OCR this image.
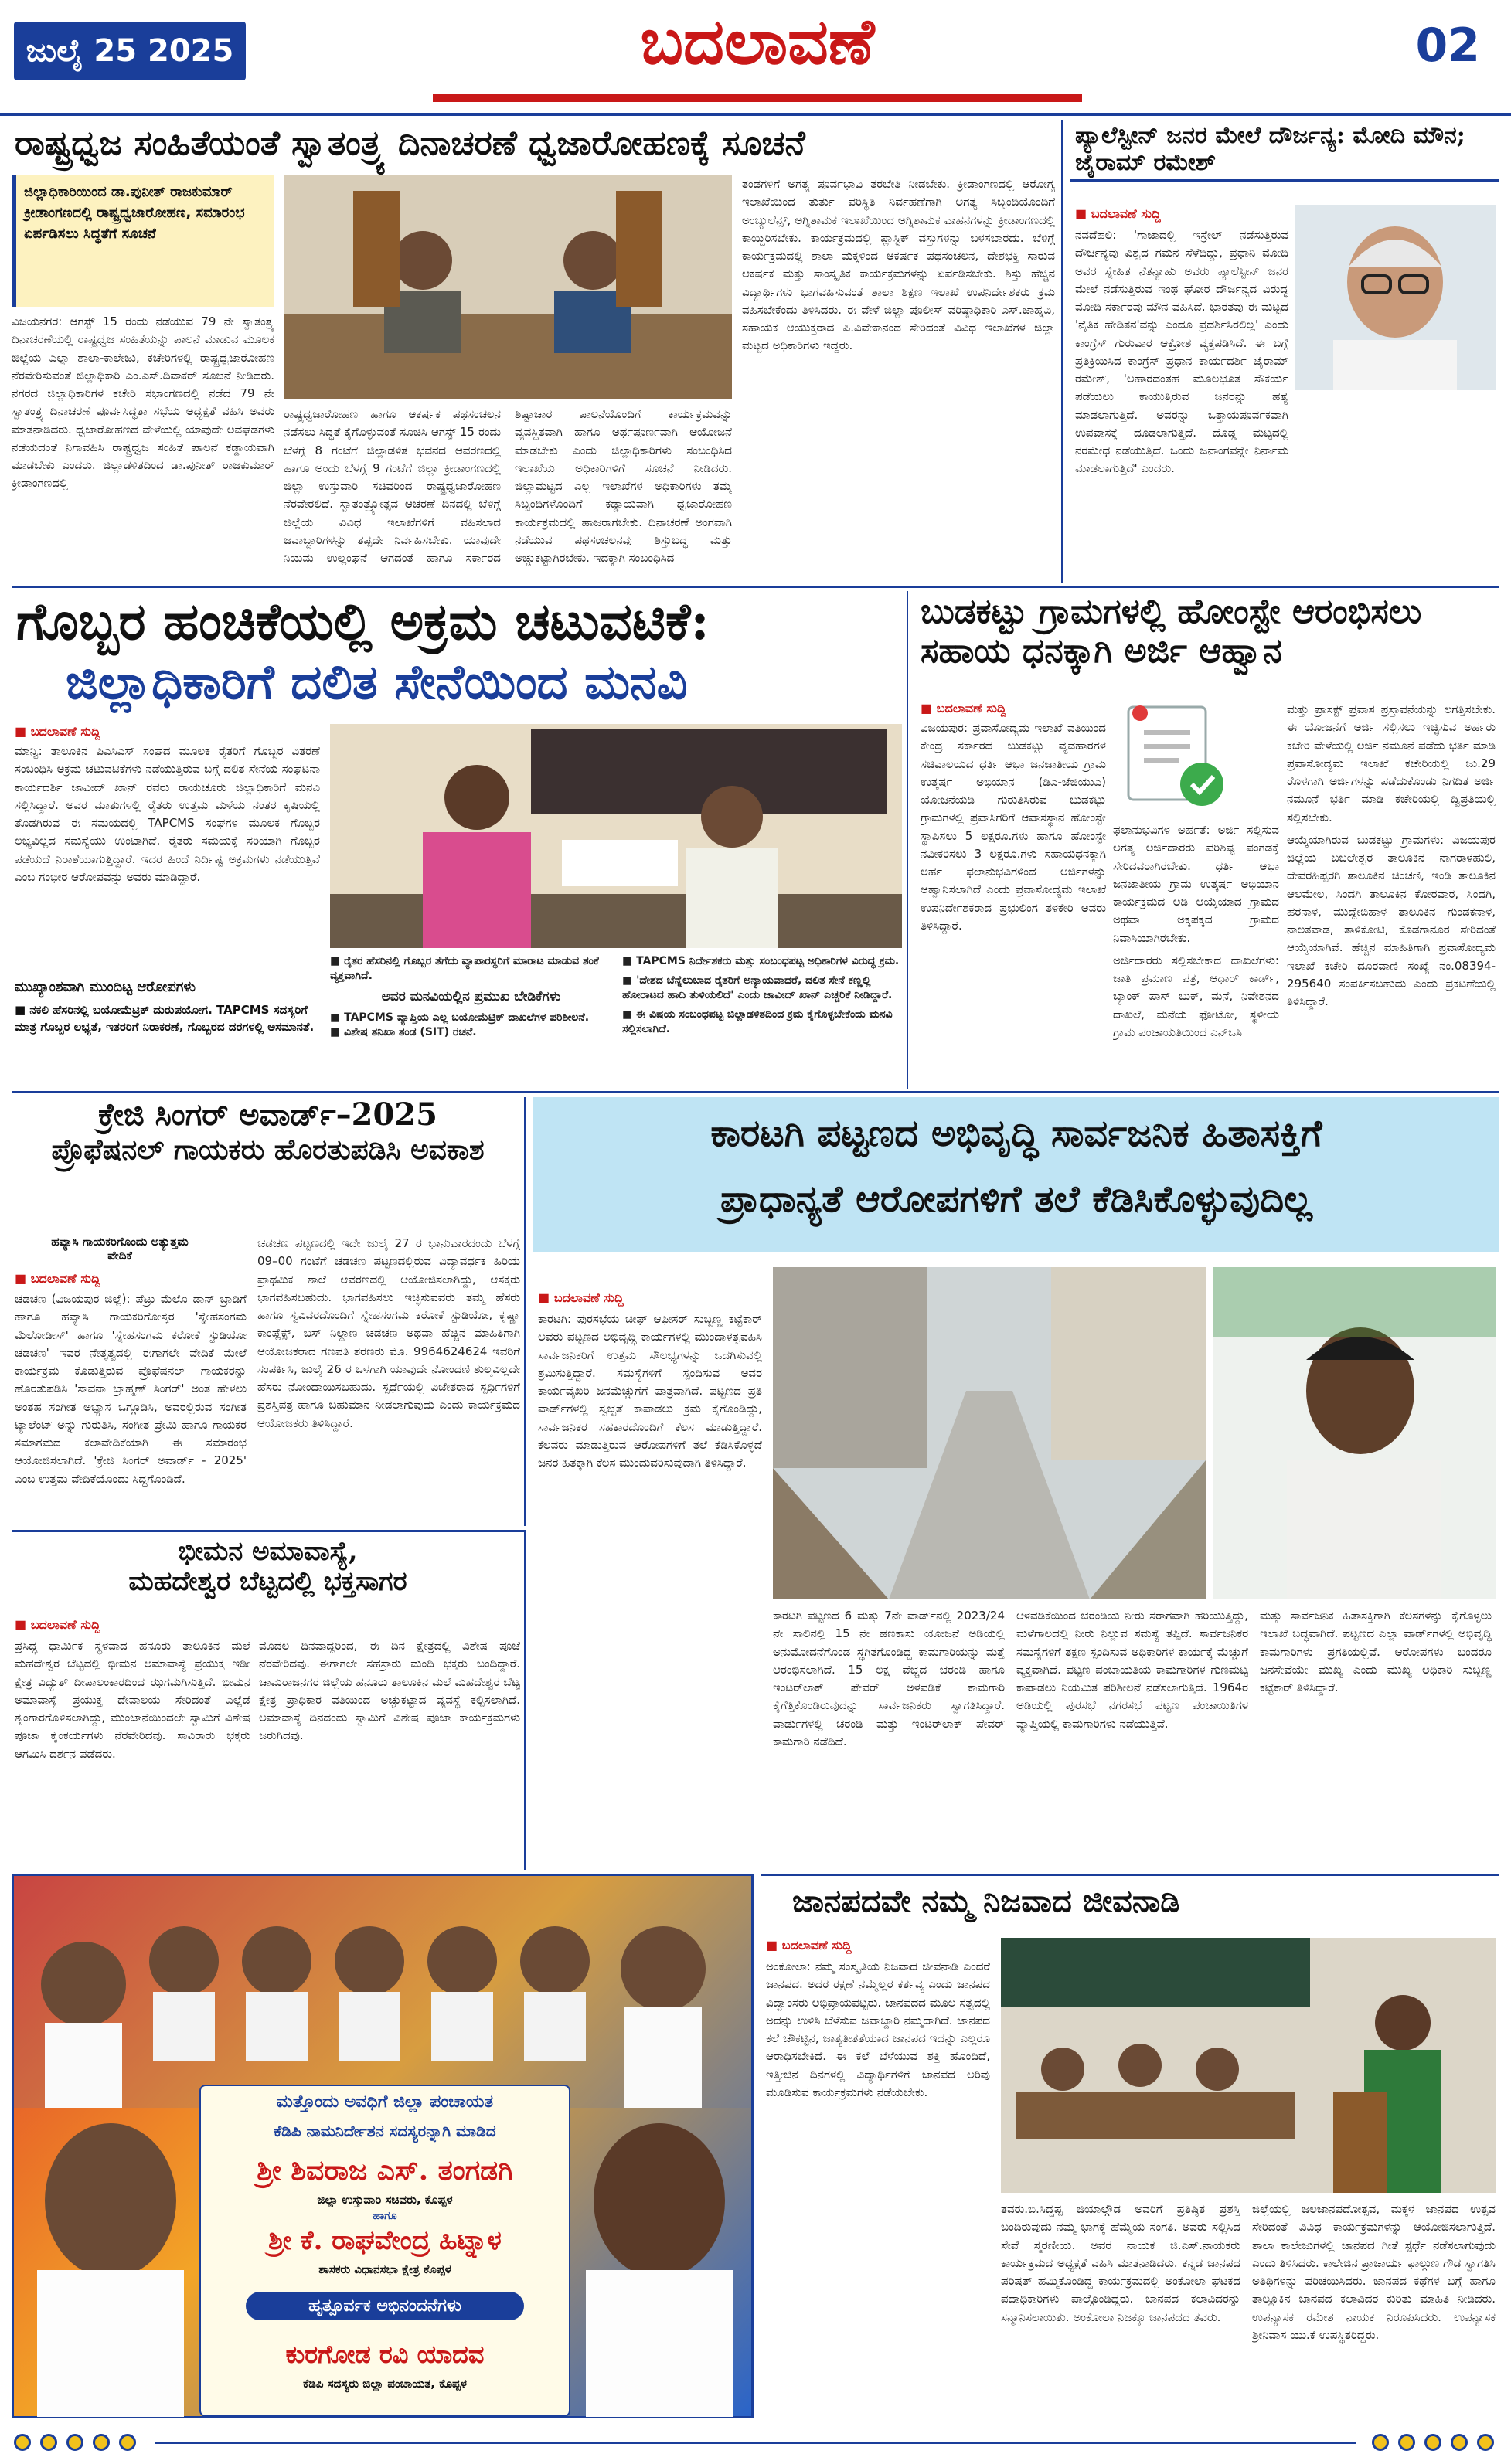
ಜುಲೈ 25 2025	ಬದಲಾವಣೆ	02
ರಾಷ್ಟ್ರಧ್ವಜ ಸಂಹಿತೆಯಂತೆ ಸ್ವಾತಂತ್ರ್ಯ ದಿನಾಚರಣೆ ಧ್ವಜಾರೋಹಣಕ್ಕೆ ಸೂಚನೆ
ಜಿಲ್ಲಾಧಿಕಾರಿಯಿಂದ ಡಾ.ಪುನೀತ್ ರಾಜಕುಮಾರ್ ಕ್ರೀಡಾಂಗಣದಲ್ಲಿ ರಾಷ್ಟ್ರಧ್ವಜಾರೋಹಣ, ಸಮಾರಂಭ ಏರ್ಪಡಿಸಲು ಸಿದ್ಧತೆಗೆ ಸೂಚನೆ
ವಿಜಯನಗರ: ಆಗಸ್ಟ್ 15 ರಂದು ನಡೆಯುವ 79 ನೇ ಸ್ವಾತಂತ್ರ್ಯ ದಿನಾಚರಣೆಯಲ್ಲಿ ರಾಷ್ಟ್ರಧ್ವಜ ಸಂಹಿತೆಯನ್ನು ಪಾಲನೆ ಮಾಡುವ ಮೂಲಕ ಜಿಲ್ಲೆಯ ಎಲ್ಲಾ ಶಾಲಾ-ಕಾಲೇಜು, ಕಚೇರಿಗಳಲ್ಲಿ ರಾಷ್ಟ್ರಧ್ವಜಾರೋಹಣ ನೆರವೇರಿಸುವಂತೆ ಜಿಲ್ಲಾಧಿಕಾರಿ ಎಂ.ಎಸ್.ದಿವಾಕರ್ ಸೂಚನೆ ನೀಡಿದರು. ನಗರದ ಜಿಲ್ಲಾಧಿಕಾರಿಗಳ ಕಚೇರಿ ಸಭಾಂಗಣದಲ್ಲಿ ನಡೆದ 79 ನೇ ಸ್ವಾತಂತ್ರ್ಯ ದಿನಾಚರಣೆ ಪೂರ್ವಸಿದ್ಧತಾ ಸಭೆಯ ಅಧ್ಯಕ್ಷತೆ ವಹಿಸಿ ಅವರು ಮಾತನಾಡಿದರು. ಧ್ವಜಾರೋಹಣದ ವೇಳೆಯಲ್ಲಿ ಯಾವುದೇ ಅವಘಡಗಳು ನಡೆಯದಂತೆ ನಿಗಾವಹಿಸಿ ರಾಷ್ಟ್ರಧ್ವಜ ಸಂಹಿತೆ ಪಾಲನೆ ಕಡ್ಡಾಯವಾಗಿ ಮಾಡಬೇಕು ಎಂದರು. ಜಿಲ್ಲಾಡಳಿತದಿಂದ ಡಾ.ಪುನೀತ್ ರಾಜಕುಮಾರ್ ಕ್ರೀಡಾಂಗಣದಲ್ಲಿ
ರಾಷ್ಟ್ರಧ್ವಜಾರೋಹಣ ಹಾಗೂ ಆಕರ್ಷಕ ಪಥಸಂಚಲನ ನಡೆಸಲು ಸಿದ್ಧತೆ ಕೈಗೊಳ್ಳುವಂತೆ ಸೂಚಿಸಿ ಆಗಸ್ಟ್ 15 ರಂದು ಬೆಳಗ್ಗೆ 8 ಗಂಟೆಗೆ ಜಿಲ್ಲಾಡಳಿತ ಭವನದ ಆವರಣದಲ್ಲಿ ಹಾಗೂ ಅಂದು ಬೆಳಗ್ಗೆ 9 ಗಂಟೆಗೆ ಜಿಲ್ಲಾ ಕ್ರೀಡಾಂಗಣದಲ್ಲಿ ಜಿಲ್ಲಾ ಉಸ್ತುವಾರಿ ಸಚಿವರಿಂದ ರಾಷ್ಟ್ರಧ್ವಜಾರೋಹಣ ನೆರವೇರಲಿದೆ. ಸ್ವಾತಂತ್ರ್ಯೋತ್ಸವ ಆಚರಣೆ ದಿನದಲ್ಲಿ ಬೆಳಿಗ್ಗೆ ಜಿಲ್ಲೆಯ ವಿವಿಧ ಇಲಾಖೆಗಳಿಗೆ ವಹಿಸಲಾದ ಜವಾಬ್ದಾರಿಗಳನ್ನು ತಪ್ಪದೇ ನಿರ್ವಹಿಸಬೇಕು. ಯಾವುದೇ ನಿಯಮ ಉಲ್ಲಂಘನೆ ಆಗದಂತೆ ಹಾಗೂ ಸರ್ಕಾರದ ಶಿಷ್ಟಾಚಾರ ಪಾಲನೆಯೊಂದಿಗೆ ಕಾರ್ಯಕ್ರಮವನ್ನು ವ್ಯವಸ್ಥಿತವಾಗಿ ಹಾಗೂ ಅರ್ಥಪೂರ್ಣವಾಗಿ ಆಯೋಜನೆ ಮಾಡಬೇಕು ಎಂದು ಜಿಲ್ಲಾಧಿಕಾರಿಗಳು ಸಂಬಂಧಿಸಿದ ಇಲಾಖೆಯ ಅಧಿಕಾರಿಗಳಿಗೆ ಸೂಚನೆ ನೀಡಿದರು. ಜಿಲ್ಲಾಮಟ್ಟದ ಎಲ್ಲ ಇಲಾಖೆಗಳ ಅಧಿಕಾರಿಗಳು ತಮ್ಮ ಸಿಬ್ಬಂದಿಗಳೊಂದಿಗೆ ಕಡ್ಡಾಯವಾಗಿ ಧ್ವಜಾರೋಹಣ ಕಾರ್ಯಕ್ರಮದಲ್ಲಿ ಹಾಜರಾಗಬೇಕು. ದಿನಾಚರಣೆ ಅಂಗವಾಗಿ ನಡೆಯುವ ಪಥಸಂಚಲನವು ಶಿಸ್ತುಬದ್ಧ ಮತ್ತು ಅಚ್ಚುಕಟ್ಟಾಗಿರಬೇಕು. ಇದಕ್ಕಾಗಿ ಸಂಬಂಧಿಸಿದ
ತಂಡಗಳಿಗೆ ಅಗತ್ಯ ಪೂರ್ವಭಾವಿ ತರಬೇತಿ ನೀಡಬೇಕು. ಕ್ರೀಡಾಂಗಣದಲ್ಲಿ ಆರೋಗ್ಯ ಇಲಾಖೆಯಿಂದ ತುರ್ತು ಪರಿಸ್ಥಿತಿ ನಿರ್ವಹಣೆಗಾಗಿ ಅಗತ್ಯ ಸಿಬ್ಬಂದಿಯೊಂದಿಗೆ ಅಂಬ್ಯುಲೆನ್ಸ್, ಅಗ್ನಿಶಾಮಕ ಇಲಾಖೆಯಿಂದ ಅಗ್ನಿಶಾಮಕ ವಾಹನಗಳನ್ನು ಕ್ರೀಡಾಂಗಣದಲ್ಲಿ ಕಾಯ್ದಿರಿಸಬೇಕು. ಕಾರ್ಯಕ್ರಮದಲ್ಲಿ ಪ್ಲಾಸ್ಟಿಕ್ ವಸ್ತುಗಳನ್ನು ಬಳಸಬಾರದು. ಬೆಳಿಗ್ಗೆ ಕಾರ್ಯಕ್ರಮದಲ್ಲಿ ಶಾಲಾ ಮಕ್ಕಳಿಂದ ಆಕರ್ಷಕ ಪಥಸಂಚಲನ, ದೇಶಭಕ್ತಿ ಸಾರುವ ಆಕರ್ಷಕ ಮತ್ತು ಸಾಂಸ್ಕೃತಿಕ ಕಾರ್ಯಕ್ರಮಗಳನ್ನು ಏರ್ಪಡಿಸಬೇಕು. ಶಿಸ್ತು ಹೆಚ್ಚಿನ ವಿದ್ಯಾರ್ಥಿಗಳು ಭಾಗವಹಿಸುವಂತೆ ಶಾಲಾ ಶಿಕ್ಷಣ ಇಲಾಖೆ ಉಪನಿರ್ದೇಶಕರು ಕ್ರಮ ವಹಿಸಬೇಕೆಂದು ತಿಳಿಸಿದರು. ಈ ವೇಳೆ ಜಿಲ್ಲಾ ಪೊಲೀಸ್ ವರಿಷ್ಠಾಧಿಕಾರಿ ಎಸ್.ಜಾಹ್ನವಿ, ಸಹಾಯಕ ಆಯುಕ್ತರಾದ ಪಿ.ವಿವೇಕಾನಂದ ಸೇರಿದಂತೆ ವಿವಿಧ ಇಲಾಖೆಗಳ ಜಿಲ್ಲಾ ಮಟ್ಟದ ಅಧಿಕಾರಿಗಳು ಇದ್ದರು.
ಪ್ಯಾಲೆಸ್ಟೀನ್ ಜನರ ಮೇಲೆ ದೌರ್ಜನ್ಯ: ಮೋದಿ ಮೌನ; ಜೈರಾಮ್ ರಮೇಶ್
■ ಬದಲಾವಣೆ ಸುದ್ದಿ
ನವದೆಹಲಿ: 'ಗಾಜಾದಲ್ಲಿ ಇಸ್ರೇಲ್ ನಡೆಸುತ್ತಿರುವ ದೌರ್ಜನ್ಯವು ವಿಶ್ವದ ಗಮನ ಸೆಳೆದಿದ್ದು, ಪ್ರಧಾನಿ ಮೋದಿ ಅವರ ಸ್ನೇಹಿತ ನೆತನ್ಯಾಹು ಅವರು ಪ್ಯಾಲೆಸ್ಟೀನ್ ಜನರ ಮೇಲೆ ನಡೆಸುತ್ತಿರುವ ಇಂಥ ಘೋರ ದೌರ್ಜನ್ಯದ ವಿರುದ್ಧ ಮೋದಿ ಸರ್ಕಾರವು ಮೌನ ವಹಿಸಿದೆ. ಭಾರತವು ಈ ಮಟ್ಟದ 'ನೈತಿಕ ಹೇಡಿತನ'ವನ್ನು ಎಂದೂ ಪ್ರದರ್ಶಿಸಿರಲಿಲ್ಲ' ಎಂದು ಕಾಂಗ್ರೆಸ್ ಗುರುವಾರ ಆಕ್ರೋಶ ವ್ಯಕ್ತಪಡಿಸಿದೆ. ಈ ಬಗ್ಗೆ ಪ್ರತಿಕ್ರಿಯಿಸಿದ ಕಾಂಗ್ರೆಸ್ ಪ್ರಧಾನ ಕಾರ್ಯದರ್ಶಿ ಜೈರಾಮ್ ರಮೇಶ್, 'ಅಹಾರದಂತಹ ಮೂಲಭೂತ ಸೌಕರ್ಯ ಪಡೆಯಲು ಕಾಯುತ್ತಿರುವ ಜನರನ್ನು ಹತ್ಯೆ ಮಾಡಲಾಗುತ್ತಿದೆ. ಅವರನ್ನು ಒತ್ತಾಯಪೂರ್ವಕವಾಗಿ ಉಪವಾಸಕ್ಕೆ ದೂಡಲಾಗುತ್ತಿದೆ. ದೊಡ್ಡ ಮಟ್ಟದಲ್ಲಿ ನರಮೇಧ ನಡೆಯುತ್ತಿದೆ. ಒಂದು ಜನಾಂಗವನ್ನೇ ನಿರ್ನಾಮ ಮಾಡಲಾಗುತ್ತಿದೆ' ಎಂದರು.
ಗೊಬ್ಬರ ಹಂಚಿಕೆಯಲ್ಲಿ ಅಕ್ರಮ ಚಟುವಟಿಕೆ:
ಜಿಲ್ಲಾಧಿಕಾರಿಗೆ ದಲಿತ ಸೇನೆಯಿಂದ ಮನವಿ
■ ಬದಲಾವಣೆ ಸುದ್ದಿ
ಮಾನ್ವಿ: ತಾಲೂಕಿನ ಪಿಎಸಿಎಸ್ ಸಂಘದ ಮೂಲಕ ರೈತರಿಗೆ ಗೊಬ್ಬರ ವಿತರಣೆ ಸಂಬಂಧಿಸಿ ಅಕ್ರಮ ಚಟುವಟಿಕೆಗಳು ನಡೆಯುತ್ತಿರುವ ಬಗ್ಗೆ ದಲಿತ ಸೇನೆಯ ಸಂಘಟನಾ ಕಾರ್ಯದರ್ಶಿ ಜಾವೀದ್ ಖಾನ್ ರವರು ರಾಯಚೂರು ಜಿಲ್ಲಾಧಿಕಾರಿಗೆ ಮನವಿ ಸಲ್ಲಿಸಿದ್ದಾರೆ. ಅವರ ಮಾತುಗಳಲ್ಲಿ ರೈತರು ಉತ್ತಮ ಮಳೆಯ ನಂತರ ಕೃಷಿಯಲ್ಲಿ ತೊಡಗಿರುವ ಈ ಸಮಯದಲ್ಲಿ TAPCMS ಸಂಘಗಳ ಮೂಲಕ ಗೊಬ್ಬರ ಲಭ್ಯವಿಲ್ಲದ ಸಮಸ್ಯೆಯು ಉಂಟಾಗಿದೆ. ರೈತರು ಸಮಯಕ್ಕೆ ಸರಿಯಾಗಿ ಗೊಬ್ಬರ ಪಡೆಯದೆ ನಿರಾಶೆಯಾಗುತ್ತಿದ್ದಾರೆ. ಇದರ ಹಿಂದೆ ನಿರ್ದಿಷ್ಟ ಅಕ್ರಮಗಳು ನಡೆಯುತ್ತಿವೆ ಎಂಬ ಗಂಭೀರ ಆರೋಪವನ್ನು ಅವರು ಮಾಡಿದ್ದಾರೆ.
ಮುಖ್ಯಾಂಶವಾಗಿ ಮುಂದಿಟ್ಟ ಆರೋಪಗಳು
■ ನಕಲಿ ಹೆಸರಿನಲ್ಲಿ ಬಯೋಮೆಟ್ರಿಕ್ ದುರುಪಯೋಗ. TAPCMS ಸದಸ್ಯರಿಗೆ ಮಾತ್ರ ಗೊಬ್ಬರ ಲಭ್ಯತೆ, ಇತರರಿಗೆ ನಿರಾಕರಣೆ, ಗೊಬ್ಬರದ ದರಗಳಲ್ಲಿ ಅಸಮಾನತೆ.
■ ರೈತರ ಹೆಸರಿನಲ್ಲಿ ಗೊಬ್ಬರ ತೆಗೆದು ವ್ಯಾಪಾರಸ್ಥರಿಗೆ ಮಾರಾಟ ಮಾಡುವ ಶಂಕೆ ವ್ಯಕ್ತವಾಗಿದೆ.
ಅವರ ಮನವಿಯಲ್ಲಿನ ಪ್ರಮುಖ ಬೇಡಿಕೆಗಳು
■ TAPCMS ವ್ಯಾಪ್ತಿಯ ಎಲ್ಲ ಬಯೋಮೆಟ್ರಿಕ್ ದಾಖಲೆಗಳ ಪರಿಶೀಲನೆ.
■ ವಿಶೇಷ ತನಿಖಾ ತಂಡ (SIT) ರಚನೆ.
■ TAPCMS ನಿರ್ದೇಶಕರು ಮತ್ತು ಸಂಬಂಧಪಟ್ಟ ಅಧಿಕಾರಿಗಳ ವಿರುದ್ಧ ಕ್ರಮ.
■ 'ದೇಶದ ಬೆನ್ನೆಲುಬಾದ ರೈತರಿಗೆ ಅನ್ಯಾಯವಾದರೆ, ದಲಿತ ಸೇನೆ ಕಣ್ಣಲ್ಲಿ ಹೋರಾಟದ ಹಾದಿ ತುಳಿಯಲಿದೆ' ಎಂದು ಜಾವೀದ್ ಖಾನ್ ಎಚ್ಚರಿಕೆ ನೀಡಿದ್ದಾರೆ.
■ ಈ ವಿಷಯ ಸಂಬಂಧಪಟ್ಟ ಜಿಲ್ಲಾಡಳಿತದಿಂದ ಕ್ರಮ ಕೈಗೊಳ್ಳಬೇಕೆಂದು ಮನವಿ ಸಲ್ಲಿಸಲಾಗಿದೆ.
ಬುಡಕಟ್ಟು ಗ್ರಾಮಗಳಲ್ಲಿ ಹೋಂಸ್ಟೇ ಆರಂಭಿಸಲು ಸಹಾಯ ಧನಕ್ಕಾಗಿ ಅರ್ಜಿ ಆಹ್ವಾನ
■ ಬದಲಾವಣೆ ಸುದ್ದಿ
ವಿಜಯಪುರ: ಪ್ರವಾಸೋದ್ಯಮ ಇಲಾಖೆ ವತಿಯಿಂದ ಕೇಂದ್ರ ಸರ್ಕಾರದ ಬುಡಕಟ್ಟು ವ್ಯವಹಾರಗಳ ಸಚಿವಾಲಯದ ಧರ್ತಿ ಆಭಾ ಜನಜಾತೀಯ ಗ್ರಾಮ ಉತ್ಕರ್ಷ ಅಭಿಯಾನ (ಡಿಎ-ಜೆಜಿಯುಎ) ಯೋಜನೆಯಡಿ ಗುರುತಿಸಿರುವ ಬುಡಕಟ್ಟು ಗ್ರಾಮಗಳಲ್ಲಿ ಪ್ರವಾಸಿಗರಿಗೆ ಆವಾಸಸ್ಥಾನ ಹೋಂಸ್ಟೇ ಸ್ಥಾಪಿಸಲು 5 ಲಕ್ಷರೂ.ಗಳು ಹಾಗೂ ಹೋಂಸ್ಟೇ ನವೀಕರಿಸಲು 3 ಲಕ್ಷರೂ.ಗಳು ಸಹಾಯಧನಕ್ಕಾಗಿ ಅರ್ಹ ಫಲಾನುಭವಿಗಳಿಂದ ಅರ್ಜಿಗಳನ್ನು ಆಹ್ವಾನಿಸಲಾಗಿದೆ ಎಂದು ಪ್ರವಾಸೋದ್ಯಮ ಇಲಾಖೆ ಉಪನಿರ್ದೇಶಕರಾದ ಪ್ರಭುಲಿಂಗ ತಳಕೇರಿ ಅವರು ತಿಳಿಸಿದ್ದಾರೆ.
ಫಲಾನುಭವಿಗಳ ಅರ್ಹತೆ: ಅರ್ಜಿ ಸಲ್ಲಿಸುವ ಅಗತ್ಯ ಅರ್ಜಿದಾರರು ಪರಿಶಿಷ್ಟ ಪಂಗಡಕ್ಕೆ ಸೇರಿದವರಾಗಿರಬೇಕು. ಧರ್ತಿ ಆಭಾ ಜನಜಾತೀಯ ಗ್ರಾಮ ಉತ್ಕರ್ಷ ಅಭಿಯಾನ ಕಾರ್ಯಕ್ರಮದ ಅಡಿ ಆಯ್ಕೆಯಾದ ಗ್ರಾಮದ ಅಥವಾ ಅಕ್ಕಪಕ್ಕದ ಗ್ರಾಮದ ನಿವಾಸಿಯಾಗಿರಬೇಕು.
ಅರ್ಜಿದಾರರು ಸಲ್ಲಿಸಬೇಕಾದ ದಾಖಲೆಗಳು: ಜಾತಿ ಪ್ರಮಾಣ ಪತ್ರ, ಆಧಾರ್ ಕಾರ್ಡ್, ಬ್ಯಾಂಕ್ ಪಾಸ್ ಬುಕ್, ಮನೆ, ನಿವೇಶನದ ದಾಖಲೆ, ಮನೆಯ ಫೋಟೋ, ಸ್ಥಳೀಯ ಗ್ರಾಮ ಪಂಚಾಯತಿಯಿಂದ ಎನ್‌ಒಸಿ
ಮತ್ತು ಪ್ರಾಸಕ್ಟ್ ಪ್ರವಾಸ ಪ್ರಸ್ತಾವನೆಯನ್ನು ಲಗತ್ತಿಸಬೇಕು. ಈ ಯೋಜನೆಗೆ ಅರ್ಜಿ ಸಲ್ಲಿಸಲು ಇಚ್ಛಿಸುವ ಅರ್ಹರು ಕಚೇರಿ ವೇಳೆಯಲ್ಲಿ ಅರ್ಜಿ ನಮೂನೆ ಪಡೆದು ಭರ್ತಿ ಮಾಡಿ ಪ್ರವಾಸೋದ್ಯಮ ಇಲಾಖೆ ಕಚೇರಿಯಲ್ಲಿ ಜು.29 ರೊಳಗಾಗಿ ಅರ್ಜಿಗಳನ್ನು ಪಡೆದುಕೊಂಡು ನಿಗದಿತ ಅರ್ಜಿ ನಮೂನೆ ಭರ್ತಿ ಮಾಡಿ ಕಚೇರಿಯಲ್ಲಿ ದ್ವಿಪ್ರತಿಯಲ್ಲಿ ಸಲ್ಲಿಸಬೇಕು.
ಆಯ್ಕೆಯಾಗಿರುವ ಬುಡಕಟ್ಟು ಗ್ರಾಮಗಳು: ವಿಜಯಪುರ ಜಿಲ್ಲೆಯ ಬಬಲೇಶ್ವರ ತಾಲೂಕಿನ ನಾಗರಾಳಹುಲಿ, ದೇವರಹಿಪ್ಪರಗಿ ತಾಲೂಕಿನ ಚಿಂಚಣಿ, ಇಂಡಿ ತಾಲೂಕಿನ ಆಲಮೇಲ, ಸಿಂದಗಿ ತಾಲೂಕಿನ ಕೋರವಾರ, ಸಿಂದಗಿ, ಹರನಾಳ, ಮುದ್ದೇಬಿಹಾಳ ತಾಲೂಕಿನ ಗುಂಡಕನಾಳ, ನಾಲತವಾಡ, ತಾಳಿಕೋಟಿ, ಕೊಡಗಾನೂರ ಸೇರಿದಂತೆ ಆಯ್ಕೆಯಾಗಿವೆ. ಹೆಚ್ಚಿನ ಮಾಹಿತಿಗಾಗಿ ಪ್ರವಾಸೋದ್ಯಮ ಇಲಾಖೆ ಕಚೇರಿ ದೂರವಾಣಿ ಸಂಖ್ಯೆ ನಂ.08394-295640 ಸಂಪರ್ಕಿಸಬಹುದು ಎಂದು ಪ್ರಕಟಣೆಯಲ್ಲಿ ತಿಳಿಸಿದ್ದಾರೆ.
ಕ್ರೇಜಿ ಸಿಂಗರ್ ಅವಾರ್ಡ್–2025
ಪ್ರೊಫೆಷನಲ್ ಗಾಯಕರು ಹೊರತುಪಡಿಸಿ ಅವಕಾಶ
ಹವ್ಯಾಸಿ ಗಾಯಕರಿಗೊಂದು ಅತ್ಯುತ್ತಮ ವೇದಿಕೆ
■ ಬದಲಾವಣೆ ಸುದ್ದಿ
ಚಡಚಣ (ವಿಜಯಪುರ ಜಿಲ್ಲೆ): ಪೆಟ್ರು ಮೆಲೊ ಡಾನ್ ಬ್ರಾಡಿಗೆ ಹಾಗೂ ಹವ್ಯಾಸಿ ಗಾಯಕರಿಗೋಸ್ಕರ 'ಸ್ನೇಹಸಂಗಮ ಮೆಲೋಡೀಸ್' ಹಾಗೂ 'ಸ್ನೇಹಸಂಗಮ ಕರೋಕೆ ಸ್ಟುಡಿಯೋ ಚಡಚಣ' ಇವರ ನೇತೃತ್ವದಲ್ಲಿ ಈಗಾಗಲೇ ವೇದಿಕೆ ಮೇಲೆ ಕಾರ್ಯಕ್ರಮ ಕೊಡುತ್ತಿರುವ ಪ್ರೊಫೆಷನಲ್ ಗಾಯಕರನ್ನು ಹೊರತುಪಡಿಸಿ 'ಸಾವನಾ ಬ್ರಾಹ್ಮಣ್ ಸಿಂಗರ್' ಅಂತ ಹೇಳಲು ಅಂತಹ ಸಂಗೀತ ಅಭ್ಯಾಸ ಒಗ್ಗೂಡಿಸಿ, ಅವರಲ್ಲಿರುವ ಸಂಗೀತ ಟ್ಯಾಲೆಂಟ್ ಅನ್ನು ಗುರುತಿಸಿ, ಸಂಗೀತ ಪ್ರೇಮಿ ಹಾಗೂ ಗಾಯಕರ ಸಮಾಗಮದ ಕಲಾವೇದಿಕೆಯಾಗಿ ಈ ಸಮಾರಂಭ ಆಯೋಜಿಸಲಾಗಿದೆ. 'ಕ್ರೇಜಿ ಸಿಂಗರ್ ಅವಾರ್ಡ್ - 2025' ಎಂಬ ಉತ್ತಮ ವೇದಿಕೆಯೊಂದು ಸಿದ್ಧಗೊಂಡಿದೆ.
ಚಡಚಣ ಪಟ್ಟಣದಲ್ಲಿ ಇದೇ ಜುಲೈ 27 ರ ಭಾನುವಾರದಂದು ಬೆಳಗ್ಗೆ 09–00 ಗಂಟೆಗೆ ಚಡಚಣ ಪಟ್ಟಣದಲ್ಲಿರುವ ವಿದ್ಯಾವರ್ಧಕ ಹಿರಿಯ ಪ್ರಾಥಮಿಕ ಶಾಲೆ ಆವರಣದಲ್ಲಿ ಆಯೋಜಿಸಲಾಗಿದ್ದು, ಆಸಕ್ತರು ಭಾಗವಹಿಸಬಹುದು. ಭಾಗವಹಿಸಲು ಇಚ್ಛಿಸುವವರು ತಮ್ಮ ಹೆಸರು ಹಾಗೂ ಸ್ವವಿವರದೊಂದಿಗೆ ಸ್ನೇಹಸಂಗಮ ಕರೋಕೆ ಸ್ಟುಡಿಯೋ, ಕೃಷ್ಣಾ ಕಾಂಪ್ಲೆಕ್ಸ್, ಬಸ್ ನಿಲ್ದಾಣ ಚಡಚಣ ಅಥವಾ ಹೆಚ್ಚಿನ ಮಾಹಿತಿಗಾಗಿ ಆಯೋಜಕರಾದ ಗಣಪತಿ ಶರಣರು ಮೊ. 9964624624 ಇವರಿಗೆ ಸಂಪರ್ಕಿಸಿ, ಜುಲೈ 26 ರ ಒಳಗಾಗಿ ಯಾವುದೇ ನೋಂದಣಿ ಶುಲ್ಕವಿಲ್ಲದೇ ಹೆಸರು ನೋಂದಾಯಿಸಬಹುದು. ಸ್ಪರ್ಧೆಯಲ್ಲಿ ವಿಜೇತರಾದ ಸ್ಪರ್ಧಿಗಳಿಗೆ ಪ್ರಶಸ್ತಿಪತ್ರ ಹಾಗೂ ಬಹುಮಾನ ನೀಡಲಾಗುವುದು ಎಂದು ಕಾರ್ಯಕ್ರಮದ ಆಯೋಜಕರು ತಿಳಿಸಿದ್ದಾರೆ.
ಕಾರಟಗಿ ಪಟ್ಟಣದ ಅಭಿವೃದ್ಧಿ ಸಾರ್ವಜನಿಕ ಹಿತಾಸಕ್ತಿಗೆ
ಪ್ರಾಧಾನ್ಯತೆ ಆರೋಪಗಳಿಗೆ ತಲೆ ಕೆಡಿಸಿಕೊಳ್ಳುವುದಿಲ್ಲ
■ ಬದಲಾವಣೆ ಸುದ್ದಿ
ಕಾರಟಗಿ: ಪುರಸಭೆಯ ಚೀಫ್ ಆಫೀಸರ್ ಸುಬ್ಬಣ್ಣ ಕಟ್ಟೆಕಾರ್ ಅವರು ಪಟ್ಟಣದ ಅಭಿವೃದ್ಧಿ ಕಾರ್ಯಗಳಲ್ಲಿ ಮುಂದಾಳತ್ವವಹಿಸಿ ಸಾರ್ವಜನಿಕರಿಗೆ ಉತ್ತಮ ಸೌಲಭ್ಯಗಳನ್ನು ಒದಗಿಸುವಲ್ಲಿ ಶ್ರಮಿಸುತ್ತಿದ್ದಾರೆ. ಸಮಸ್ಯೆಗಳಿಗೆ ಸ್ಪಂದಿಸುವ ಅವರ ಕಾರ್ಯವೈಖರಿ ಜನಮೆಚ್ಚುಗೆಗೆ ಪಾತ್ರವಾಗಿದೆ. ಪಟ್ಟಣದ ಪ್ರತಿ ವಾರ್ಡ್‌ಗಳಲ್ಲಿ ಸ್ವಚ್ಛತೆ ಕಾಪಾಡಲು ಕ್ರಮ ಕೈಗೊಂಡಿದ್ದು, ಸಾರ್ವಜನಿಕರ ಸಹಕಾರದೊಂದಿಗೆ ಕೆಲಸ ಮಾಡುತ್ತಿದ್ದಾರೆ. ಕೆಲವರು ಮಾಡುತ್ತಿರುವ ಆರೋಪಗಳಿಗೆ ತಲೆ ಕೆಡಿಸಿಕೊಳ್ಳದೆ ಜನರ ಹಿತಕ್ಕಾಗಿ ಕೆಲಸ ಮುಂದುವರಿಸುವುದಾಗಿ ತಿಳಿಸಿದ್ದಾರೆ.
ಕಾರಟಗಿ ಪಟ್ಟಣದ 6 ಮತ್ತು 7ನೇ ವಾರ್ಡ್‌ನಲ್ಲಿ 2023/24 ನೇ ಸಾಲಿನಲ್ಲಿ 15 ನೇ ಹಣಕಾಸು ಯೋಜನೆ ಅಡಿಯಲ್ಲಿ ಅನುಮೋದನೆಗೊಂಡ ಸ್ಥಗಿತಗೊಂಡಿದ್ದ ಕಾಮಗಾರಿಯನ್ನು ಮತ್ತೆ ಆರಂಭಿಸಲಾಗಿದೆ. 15 ಲಕ್ಷ ವೆಚ್ಚದ ಚರಂಡಿ ಹಾಗೂ ಇಂಟರ್‌ಲಾಕ್ ಪೇವರ್ ಅಳವಡಿಕೆ ಕಾಮಗಾರಿ ಕೈಗೆತ್ತಿಕೊಂಡಿರುವುದನ್ನು ಸಾರ್ವಜನಿಕರು ಸ್ವಾಗತಿಸಿದ್ದಾರೆ. ವಾರ್ಡುಗಳಲ್ಲಿ ಚರಂಡಿ ಮತ್ತು ಇಂಟರ್‌ಲಾಕ್ ಪೇವರ್ ಕಾಮಗಾರಿ ನಡೆದಿದೆ.
ಆಳವಡಿಕೆಯಿಂದ ಚರಂಡಿಯ ನೀರು ಸರಾಗವಾಗಿ ಹರಿಯುತ್ತಿದ್ದು, ಮಳೆಗಾಲದಲ್ಲಿ ನೀರು ನಿಲ್ಲುವ ಸಮಸ್ಯೆ ತಪ್ಪಿದೆ. ಸಾರ್ವಜನಿಕರ ಸಮಸ್ಯೆಗಳಿಗೆ ತಕ್ಷಣ ಸ್ಪಂದಿಸುವ ಅಧಿಕಾರಿಗಳ ಕಾರ್ಯಕ್ಕೆ ಮೆಚ್ಚುಗೆ ವ್ಯಕ್ತವಾಗಿದೆ. ಪಟ್ಟಣ ಪಂಚಾಯತಿಯ ಕಾಮಗಾರಿಗಳ ಗುಣಮಟ್ಟ ಕಾಪಾಡಲು ನಿಯಮಿತ ಪರಿಶೀಲನೆ ನಡೆಸಲಾಗುತ್ತಿದೆ. 1964ರ ಅಡಿಯಲ್ಲಿ ಪುರಸಭೆ ನಗರಸಭೆ ಪಟ್ಟಣ ಪಂಚಾಯಿತಿಗಳ ವ್ಯಾಪ್ತಿಯಲ್ಲಿ ಕಾಮಗಾರಿಗಳು ನಡೆಯುತ್ತಿವೆ.
ಮತ್ತು ಸಾರ್ವಜನಿಕ ಹಿತಾಸಕ್ತಿಗಾಗಿ ಕೆಲಸಗಳನ್ನು ಕೈಗೊಳ್ಳಲು ಇಲಾಖೆ ಬದ್ಧವಾಗಿದೆ. ಪಟ್ಟಣದ ಎಲ್ಲಾ ವಾರ್ಡ್‌ಗಳಲ್ಲಿ ಅಭಿವೃದ್ಧಿ ಕಾಮಗಾರಿಗಳು ಪ್ರಗತಿಯಲ್ಲಿವೆ. ಆರೋಪಗಳು ಬಂದರೂ ಜನಸೇವೆಯೇ ಮುಖ್ಯ ಎಂದು ಮುಖ್ಯ ಅಧಿಕಾರಿ ಸುಬ್ಬಣ್ಣ ಕಟ್ಟೆಕಾರ್ ತಿಳಿಸಿದ್ದಾರೆ.
ಭೀಮನ ಅಮಾವಾಸ್ಯೆ,
ಮಹದೇಶ್ವರ ಬೆಟ್ಟದಲ್ಲಿ ಭಕ್ತಸಾಗರ
■ ಬದಲಾವಣೆ ಸುದ್ದಿ
ಪ್ರಸಿದ್ಧ ಧಾರ್ಮಿಕ ಸ್ಥಳವಾದ ಹನೂರು ತಾಲೂಕಿನ ಮಲೆ ಮಹದೇಶ್ವರ ಬೆಟ್ಟದಲ್ಲಿ ಭೀಮನ ಅಮಾವಾಸ್ಯೆ ಪ್ರಯುಕ್ತ ಇಡೀ ಕ್ಷೇತ್ರ ವಿದ್ಯುತ್ ದೀಪಾಲಂಕಾರದಿಂದ ಝಗಮಗಿಸುತ್ತಿದೆ. ಭೀಮನ ಅಮಾವಾಸ್ಯೆ ಪ್ರಯುಕ್ತ ದೇವಾಲಯ ಸೇರಿದಂತೆ ಎಲ್ಲೆಡೆ ಶೃಂಗಾರಗೊಳಿಸಲಾಗಿದ್ದು, ಮುಂಜಾನೆಯಿಂದಲೇ ಸ್ವಾಮಿಗೆ ವಿಶೇಷ ಪೂಜಾ ಕೈಂಕರ್ಯಗಳು ನೆರವೇರಿದವು. ಸಾವಿರಾರು ಭಕ್ತರು ಆಗಮಿಸಿ ದರ್ಶನ ಪಡೆದರು.
ಮೊದಲ ದಿನವಾದ್ದರಿಂದ, ಈ ದಿನ ಕ್ಷೇತ್ರದಲ್ಲಿ ವಿಶೇಷ ಪೂಜೆ ನೆರವೇರಿದವು. ಈಗಾಗಲೇ ಸಹಸ್ರಾರು ಮಂದಿ ಭಕ್ತರು ಬಂದಿದ್ದಾರೆ. ಚಾಮರಾಜನಗರ ಜಿಲ್ಲೆಯ ಹನೂರು ತಾಲೂಕಿನ ಮಲೆ ಮಹದೇಶ್ವರ ಬೆಟ್ಟ ಕ್ಷೇತ್ರ ಪ್ರಾಧಿಕಾರ ವತಿಯಿಂದ ಅಚ್ಚುಕಟ್ಟಾದ ವ್ಯವಸ್ಥೆ ಕಲ್ಪಿಸಲಾಗಿದೆ. ಅಮಾವಾಸ್ಯೆ ದಿನದಂದು ಸ್ವಾಮಿಗೆ ವಿಶೇಷ ಪೂಜಾ ಕಾರ್ಯಕ್ರಮಗಳು ಜರುಗಿದವು.
ಮತ್ತೊಂದು ಅವಧಿಗೆ ಜಿಲ್ಲಾ ಪಂಚಾಯತ
ಕೆಡಿಪಿ ನಾಮನಿರ್ದೇಶನ ಸದಸ್ಯರನ್ನಾಗಿ ಮಾಡಿದ
ಶ್ರೀ ಶಿವರಾಜ ಎಸ್. ತಂಗಡಗಿ
ಜಿಲ್ಲಾ ಉಸ್ತುವಾರಿ ಸಚಿವರು, ಕೊಪ್ಪಳ
ಹಾಗೂ
ಶ್ರೀ ಕೆ. ರಾಘವೇಂದ್ರ ಹಿಟ್ನಾಳ
ಶಾಸಕರು ವಿಧಾನಸಭಾ ಕ್ಷೇತ್ರ ಕೊಪ್ಪಳ
ಹೃತ್ಪೂರ್ವಕ ಅಭಿನಂದನೆಗಳು
ಕುರಗೋಡ ರವಿ ಯಾದವ
ಕೆಡಿಪಿ ಸದಸ್ಯರು ಜಿಲ್ಲಾ ಪಂಚಾಯತ, ಕೊಪ್ಪಳ
ಜಾನಪದವೇ ನಮ್ಮ ನಿಜವಾದ ಜೀವನಾಡಿ
■ ಬದಲಾವಣೆ ಸುದ್ದಿ
ಅಂಕೋಲಾ: ನಮ್ಮ ಸಂಸ್ಕೃತಿಯ ನಿಜವಾದ ಜೀವನಾಡಿ ಎಂದರೆ ಜಾನಪದ. ಅದರ ರಕ್ಷಣೆ ನಮ್ಮೆಲ್ಲರ ಕರ್ತವ್ಯ ಎಂದು ಜಾನಪದ ವಿದ್ವಾಂಸರು ಅಭಿಪ್ರಾಯಪಟ್ಟರು. ಜಾನಪದದ ಮೂಲ ಸತ್ವದಲ್ಲಿ ಅದನ್ನು ಉಳಿಸಿ ಬೆಳೆಸುವ ಜವಾಬ್ದಾರಿ ನಮ್ಮದಾಗಿದೆ. ಜಾನಪದ ಕಲೆ ಚೌಕಟ್ಟಿನ, ಜಾತ್ಯತೀತತೆಯಾದ ಜಾನಪದ ಇದನ್ನು ಎಲ್ಲರೂ ಆರಾಧಿಸಬೇಕಿದೆ. ಈ ಕಲೆ ಬೆಳೆಯುವ ಶಕ್ತಿ ಹೊಂದಿದೆ, ಇತ್ತೀಚಿನ ದಿನಗಳಲ್ಲಿ ವಿದ್ಯಾರ್ಥಿಗಳಿಗೆ ಜಾನಪದ ಅರಿವು ಮೂಡಿಸುವ ಕಾರ್ಯಕ್ರಮಗಳು ನಡೆಯಬೇಕು.
ತವರು.ಬಿ.ಸಿದ್ದಪ್ಪ ಜಿಯಾಲ್ಗೌಡ ಅವರಿಗೆ ಪ್ರತಿಷ್ಠಿತ ಪ್ರಶಸ್ತಿ ಬಂದಿರುವುದು ನಮ್ಮ ಭಾಗಕ್ಕೆ ಹೆಮ್ಮೆಯ ಸಂಗತಿ. ಅವರು ಸಲ್ಲಿಸಿದ ಸೇವೆ ಸ್ಮರಣೀಯ. ಅವರ ನಾಯಕ ಜಿ.ಎಸ್.ನಾಯಕರು ಕಾರ್ಯಕ್ರಮದ ಅಧ್ಯಕ್ಷತೆ ವಹಿಸಿ ಮಾತನಾಡಿದರು. ಕನ್ನಡ ಜಾನಪದ ಪರಿಷತ್ ಹಮ್ಮಿಕೊಂಡಿದ್ದ ಕಾರ್ಯಕ್ರಮದಲ್ಲಿ ಅಂಕೋಲಾ ಘಟಕದ ಪದಾಧಿಕಾರಿಗಳು ಪಾಲ್ಗೊಂಡಿದ್ದರು. ಜಾನಪದ ಕಲಾವಿದರನ್ನು ಸನ್ಮಾನಿಸಲಾಯಿತು. ಅಂಕೋಲಾ ನಿಜಕ್ಕೂ ಜಾನಪದದ ತವರು.
ಜಿಲ್ಲೆಯಲ್ಲಿ ಜಲಜಾನಪದೋತ್ಸವ, ಮಕ್ಕಳ ಜಾನಪದ ಉತ್ಸವ ಸೇರಿದಂತೆ ವಿವಿಧ ಕಾರ್ಯಕ್ರಮಗಳನ್ನು ಆಯೋಜಿಸಲಾಗುತ್ತಿದೆ. ಶಾಲಾ ಕಾಲೇಜುಗಳಲ್ಲಿ ಜಾನಪದ ಗೀತೆ ಸ್ಪರ್ಧೆ ನಡೆಸಲಾಗುವುದು ಎಂದು ತಿಳಿಸಿದರು. ಕಾಲೇಜಿನ ಪ್ರಾಚಾರ್ಯ ಫಾಲ್ಗುಣ ಗೌಡ ಸ್ವಾಗತಿಸಿ ಅತಿಥಿಗಳನ್ನು ಪರಿಚಯಿಸಿದರು. ಜಾನಪದ ಕಥೆಗಳ ಬಗ್ಗೆ ಹಾಗೂ ತಾಲ್ಲೂಕಿನ ಜಾನಪದ ಕಲಾವಿದರ ಕುರಿತು ಮಾಹಿತಿ ನೀಡಿದರು. ಉಪನ್ಯಾಸಕ ರಮೇಶ ನಾಯಕ ನಿರೂಪಿಸಿದರು. ಉಪನ್ಯಾಸಕ ಶ್ರೀನಿವಾಸ ಯು.ಕೆ ಉಪಸ್ಥಿತರಿದ್ದರು.
